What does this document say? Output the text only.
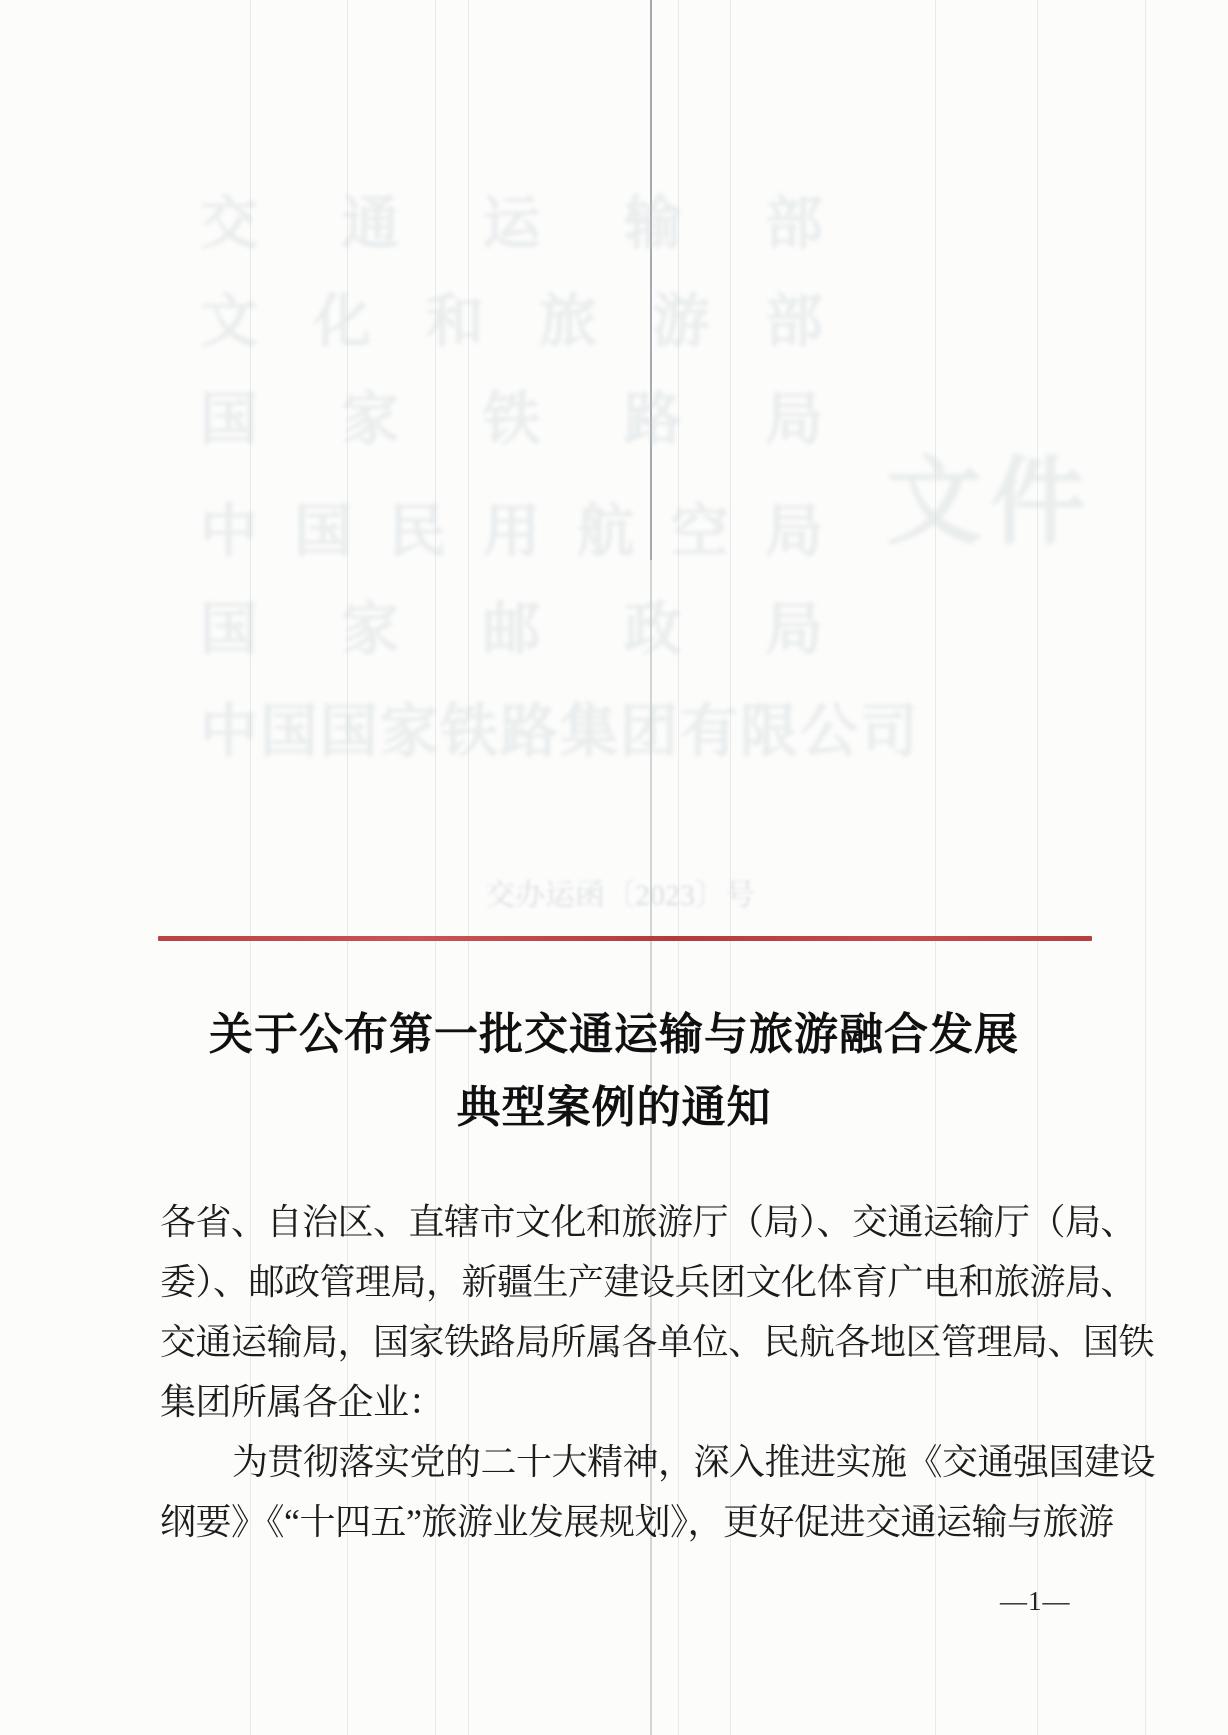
交通运输部
文化和旅游部
国家铁路局
中国民用航空局
国家邮政局
中国国家铁路集团有限公司
文件
交办运函〔2023〕号
关于公布第一批交通运输与旅游融合发展
典型案例的通知
各省、自治区、直辖市文化和旅游厅（局）、交通运输厅（局、
委）、邮政管理局，新疆生产建设兵团文化体育广电和旅游局、
交通运输局，国家铁路局所属各单位、民航各地区管理局、国铁
集团所属各企业：
为贯彻落实党的二十大精神，深入推进实施《交通强国建设
纲要》《“十四五”旅游业发展规划》，更好促进交通运输与旅游
—1—
